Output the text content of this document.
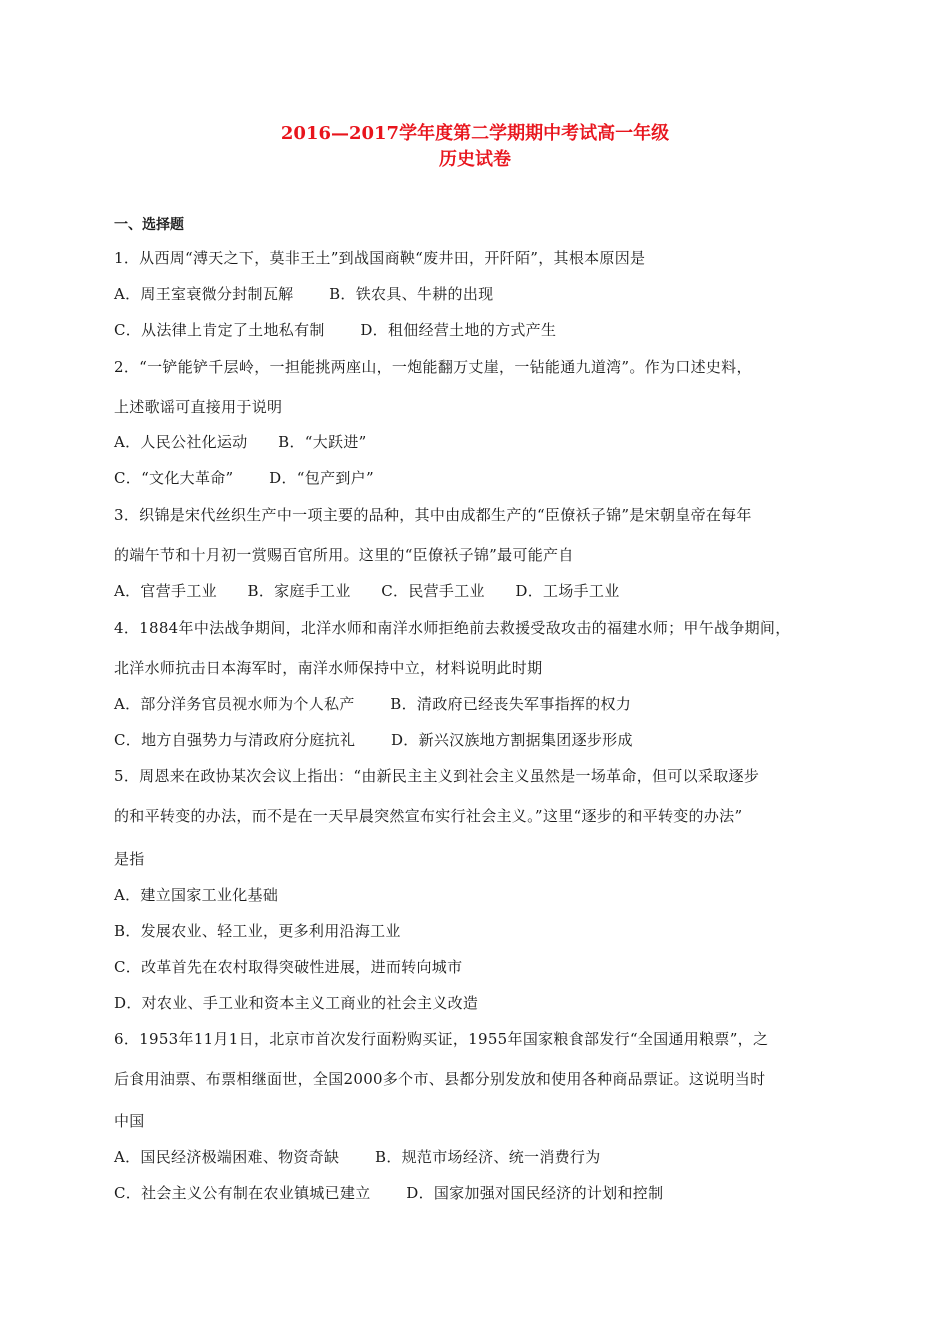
2016—2017学年度第二学期期中考试高一年级
历史试卷
一、选择题
1．从西周“溥天之下，莫非王土”到战国商鞅“废井田，开阡陌”，其根本原因是
A．周王室衰微分封制瓦解　　 B．铁农具、牛耕的出现
C．从法律上肯定了土地私有制　　 D．租佃经营土地的方式产生
2．“一铲能铲千层岭，一担能挑两座山，一炮能翻万丈崖，一钻能通九道湾”。作为口述史料，
上述歌谣可直接用于说明
A．人民公社化运动　　B．“大跃进”
C．“文化大革命”　　 D．“包产到户”
3．织锦是宋代丝织生产中一项主要的品种，其中由成都生产的“臣僚袄子锦”是宋朝皇帝在每年
的端午节和十月初一赏赐百官所用。这里的“臣僚袄子锦”最可能产自
A．官营手工业　　B．家庭手工业　　C．民营手工业　　D．工场手工业
4．1884年中法战争期间，北洋水师和南洋水师拒绝前去救援受敌攻击的福建水师；甲午战争期间，
北洋水师抗击日本海军时，南洋水师保持中立，材料说明此时期
A．部分洋务官员视水师为个人私产　　 B．清政府已经丧失军事指挥的权力
C．地方自强势力与清政府分庭抗礼　　 D．新兴汉族地方割据集团逐步形成
5．周恩来在政协某次会议上指出：“由新民主主义到社会主义虽然是一场革命，但可以采取逐步
的和平转变的办法，而不是在一天早晨突然宣布实行社会主义。”这里“逐步的和平转变的办法”
是指
A．建立国家工业化基础
B．发展农业、轻工业，更多利用沿海工业
C．改革首先在农村取得突破性进展，进而转向城市
D．对农业、手工业和资本主义工商业的社会主义改造
6．1953年11月1日，北京市首次发行面粉购买证，1955年国家粮食部发行“全国通用粮票”，之
后食用油票、布票相继面世，全国2000多个市、县都分别发放和使用各种商品票证。这说明当时
中国
A．国民经济极端困难、物资奇缺　　 B．规范市场经济、统一消费行为
C．社会主义公有制在农业镇城已建立　　 D．国家加强对国民经济的计划和控制
